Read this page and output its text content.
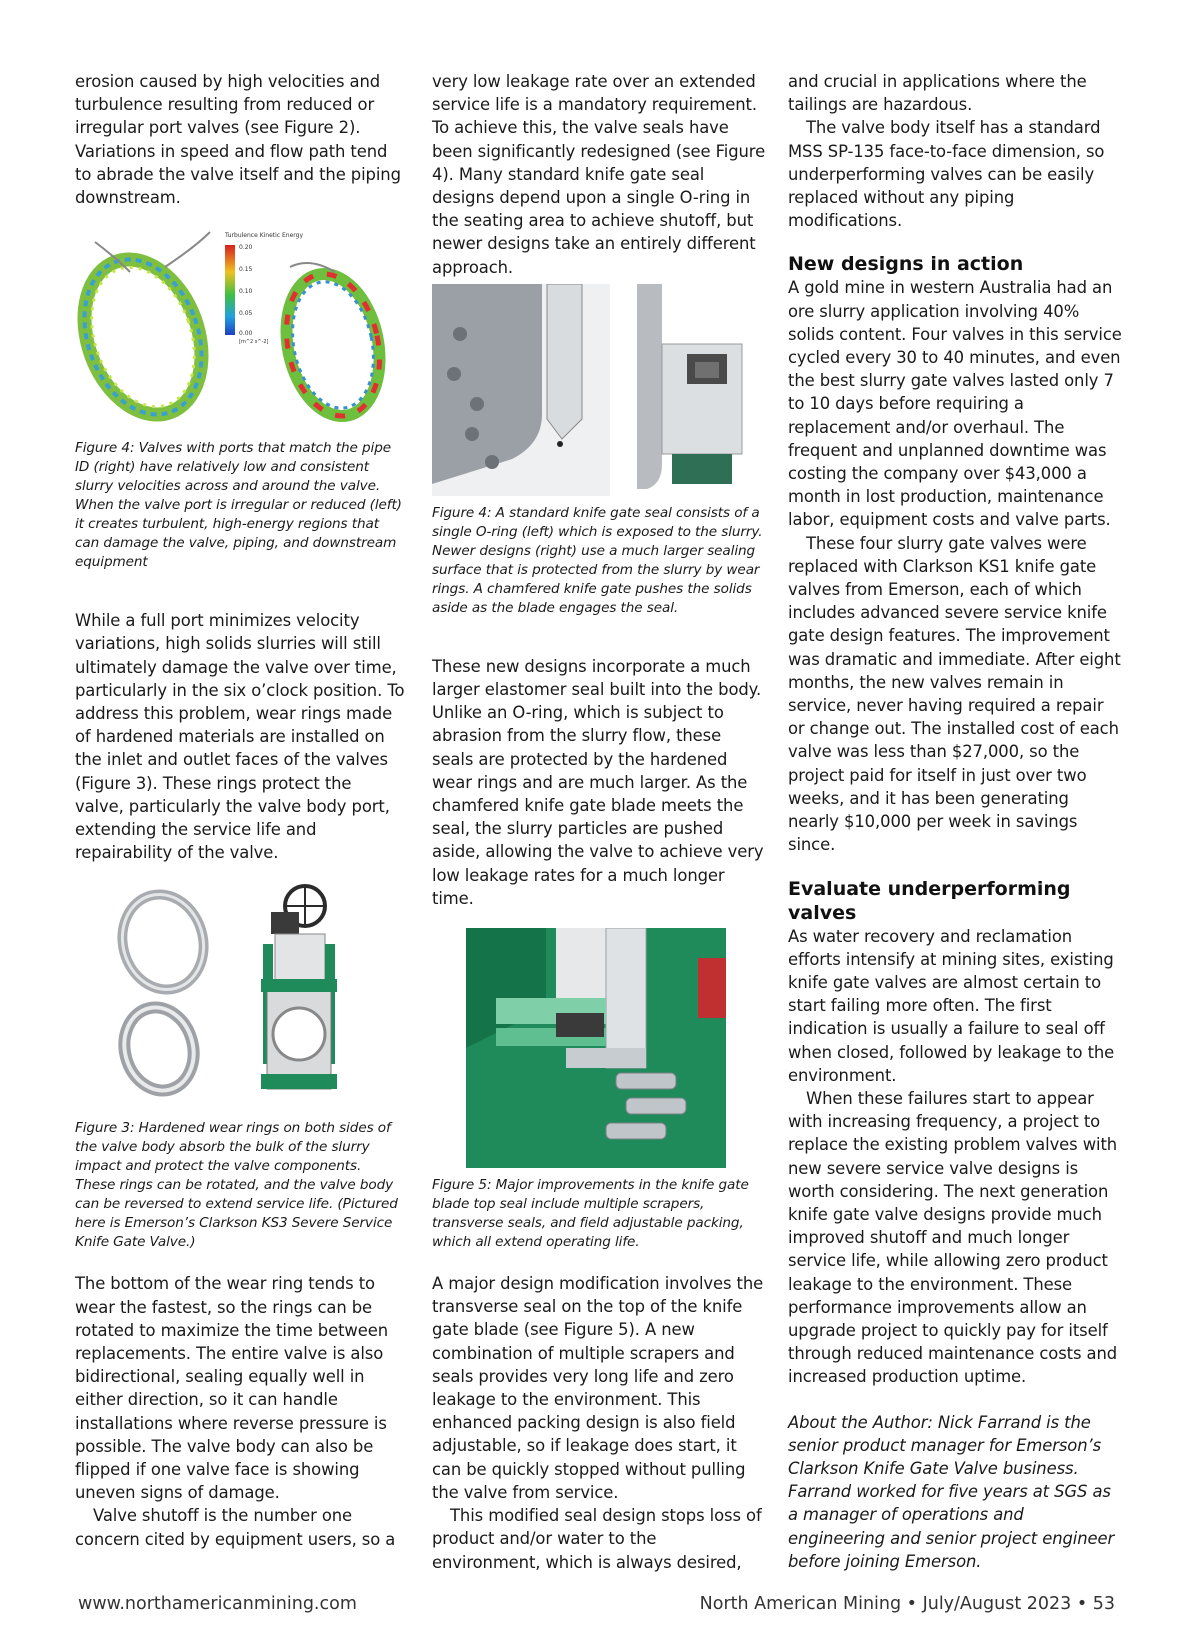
erosion caused by high velocities and turbulence resulting from reduced or irregular port valves (see Figure 2). Variations in speed and flow path tend to abrade the valve itself and the piping downstream.

Turbulence Kinetic Energy
0.20
0.15
0.10
0.05
0.00
[m^2 s^-2]

Figure 4: Valves with ports that match the pipe ID (right) have relatively low and consistent slurry velocities across and around the valve. When the valve port is irregular or reduced (left) it creates turbulent, high-energy regions that can damage the valve, piping, and downstream equipment

While a full port minimizes velocity variations, high solids slurries will still ultimately damage the valve over time, particularly in the six o’clock position. To address this problem, wear rings made of hardened materials are installed on the inlet and outlet faces of the valves (Figure 3). These rings protect the valve, particularly the valve body port, extending the service life and repairability of the valve.

Figure 3: Hardened wear rings on both sides of the valve body absorb the bulk of the slurry impact and protect the valve components. These rings can be rotated, and the valve body can be reversed to extend service life. (Pictured here is Emerson’s Clarkson KS3 Severe Service Knife Gate Valve.)

The bottom of the wear ring tends to wear the fastest, so the rings can be rotated to maximize the time between replacements. The entire valve is also bidirectional, sealing equally well in either direction, so it can handle installations where reverse pressure is possible. The valve body can also be flipped if one valve face is showing uneven signs of damage.

Valve shutoff is the number one concern cited by equipment users, so a

very low leakage rate over an extended service life is a mandatory requirement. To achieve this, the valve seals have been significantly redesigned (see Figure 4). Many standard knife gate seal designs depend upon a single O-ring in the seating area to achieve shutoff, but newer designs take an entirely different approach.

Figure 4: A standard knife gate seal consists of a single O-ring (left) which is exposed to the slurry. Newer designs (right) use a much larger sealing surface that is protected from the slurry by wear rings. A chamfered knife gate pushes the solids aside as the blade engages the seal.

These new designs incorporate a much larger elastomer seal built into the body. Unlike an O-ring, which is subject to abrasion from the slurry flow, these seals are protected by the hardened wear rings and are much larger. As the chamfered knife gate blade meets the seal, the slurry particles are pushed aside, allowing the valve to achieve very low leakage rates for a much longer time.

Figure 5: Major improvements in the knife gate blade top seal include multiple scrapers, transverse seals, and field adjustable packing, which all extend operating life.

A major design modification involves the transverse seal on the top of the knife gate blade (see Figure 5). A new combination of multiple scrapers and seals provides very long life and zero leakage to the environment. This enhanced packing design is also field adjustable, so if leakage does start, it can be quickly stopped without pulling the valve from service.

This modified seal design stops loss of product and/or water to the environment, which is always desired,

and crucial in applications where the tailings are hazardous.

The valve body itself has a standard MSS SP-135 face-to-face dimension, so underperforming valves can be easily replaced without any piping modifications.

New designs in action

A gold mine in western Australia had an ore slurry application involving 40% solids content. Four valves in this service cycled every 30 to 40 minutes, and even the best slurry gate valves lasted only 7 to 10 days before requiring a replacement and/or overhaul. The frequent and unplanned downtime was costing the company over $43,000 a month in lost production, maintenance labor, equipment costs and valve parts.

These four slurry gate valves were replaced with Clarkson KS1 knife gate valves from Emerson, each of which includes advanced severe service knife gate design features. The improvement was dramatic and immediate. After eight months, the new valves remain in service, never having required a repair or change out. The installed cost of each valve was less than $27,000, so the project paid for itself in just over two weeks, and it has been generating nearly $10,000 per week in savings since.

Evaluate underperforming valves

As water recovery and reclamation efforts intensify at mining sites, existing knife gate valves are almost certain to start failing more often. The first indication is usually a failure to seal off when closed, followed by leakage to the environment.

When these failures start to appear with increasing frequency, a project to replace the existing problem valves with new severe service valve designs is worth considering. The next generation knife gate valve designs provide much improved shutoff and much longer service life, while allowing zero product leakage to the environment. These performance improvements allow an upgrade project to quickly pay for itself through reduced maintenance costs and increased production uptime.

About the Author: Nick Farrand is the senior product manager for Emerson’s Clarkson Knife Gate Valve business. Farrand worked for five years at SGS as a manager of operations and engineering and senior project engineer before joining Emerson.

www.northamericanmining.com	North American Mining • July/August 2023 • 53
